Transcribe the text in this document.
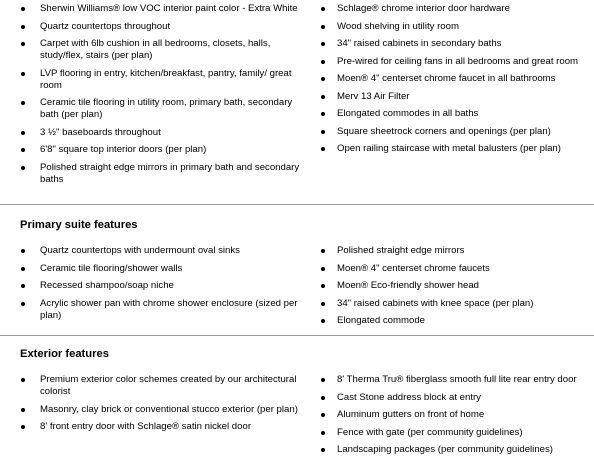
Sherwin Williams® low VOC interior paint color - Extra White
Quartz countertops throughout
Carpet with 6lb cushion in all bedrooms, closets, halls, study/flex, stairs (per plan)
LVP flooring in entry, kitchen/breakfast, pantry, family/ great room
Ceramic tile flooring in utility room, primary bath, secondary bath (per plan)
3 ½" baseboards throughout
6'8" square top interior doors (per plan)
Polished straight edge mirrors in primary bath and secondary baths
Schlage® chrome interior door hardware
Wood shelving in utility room
34" raised cabinets in secondary baths
Pre-wired for ceiling fans in all bedrooms and great room
Moen® 4" centerset chrome faucet in all bathrooms
Merv 13 Air Filter
Elongated commodes in all baths
Square sheetrock corners and openings (per plan)
Open railing staircase with metal balusters (per plan)
Primary suite features
Quartz countertops with undermount oval sinks
Ceramic tile flooring/shower walls
Recessed shampoo/soap niche
Acrylic shower pan with chrome shower enclosure (sized per plan)
Polished straight edge mirrors
Moen® 4" centerset chrome faucets
Moen® Eco-friendly shower head
34" raised cabinets with knee space (per plan)
Elongated commode
Exterior features
Premium exterior color schemes created by our architectural colorist
Masonry, clay brick or conventional stucco exterior (per plan)
8' front entry door with Schlage® satin nickel door
8' Therma Tru® fiberglass smooth full lite rear entry door
Cast Stone address block at entry
Aluminum gutters on front of home
Fence with gate (per community guidelines)
Landscaping packages (per community guidelines)
